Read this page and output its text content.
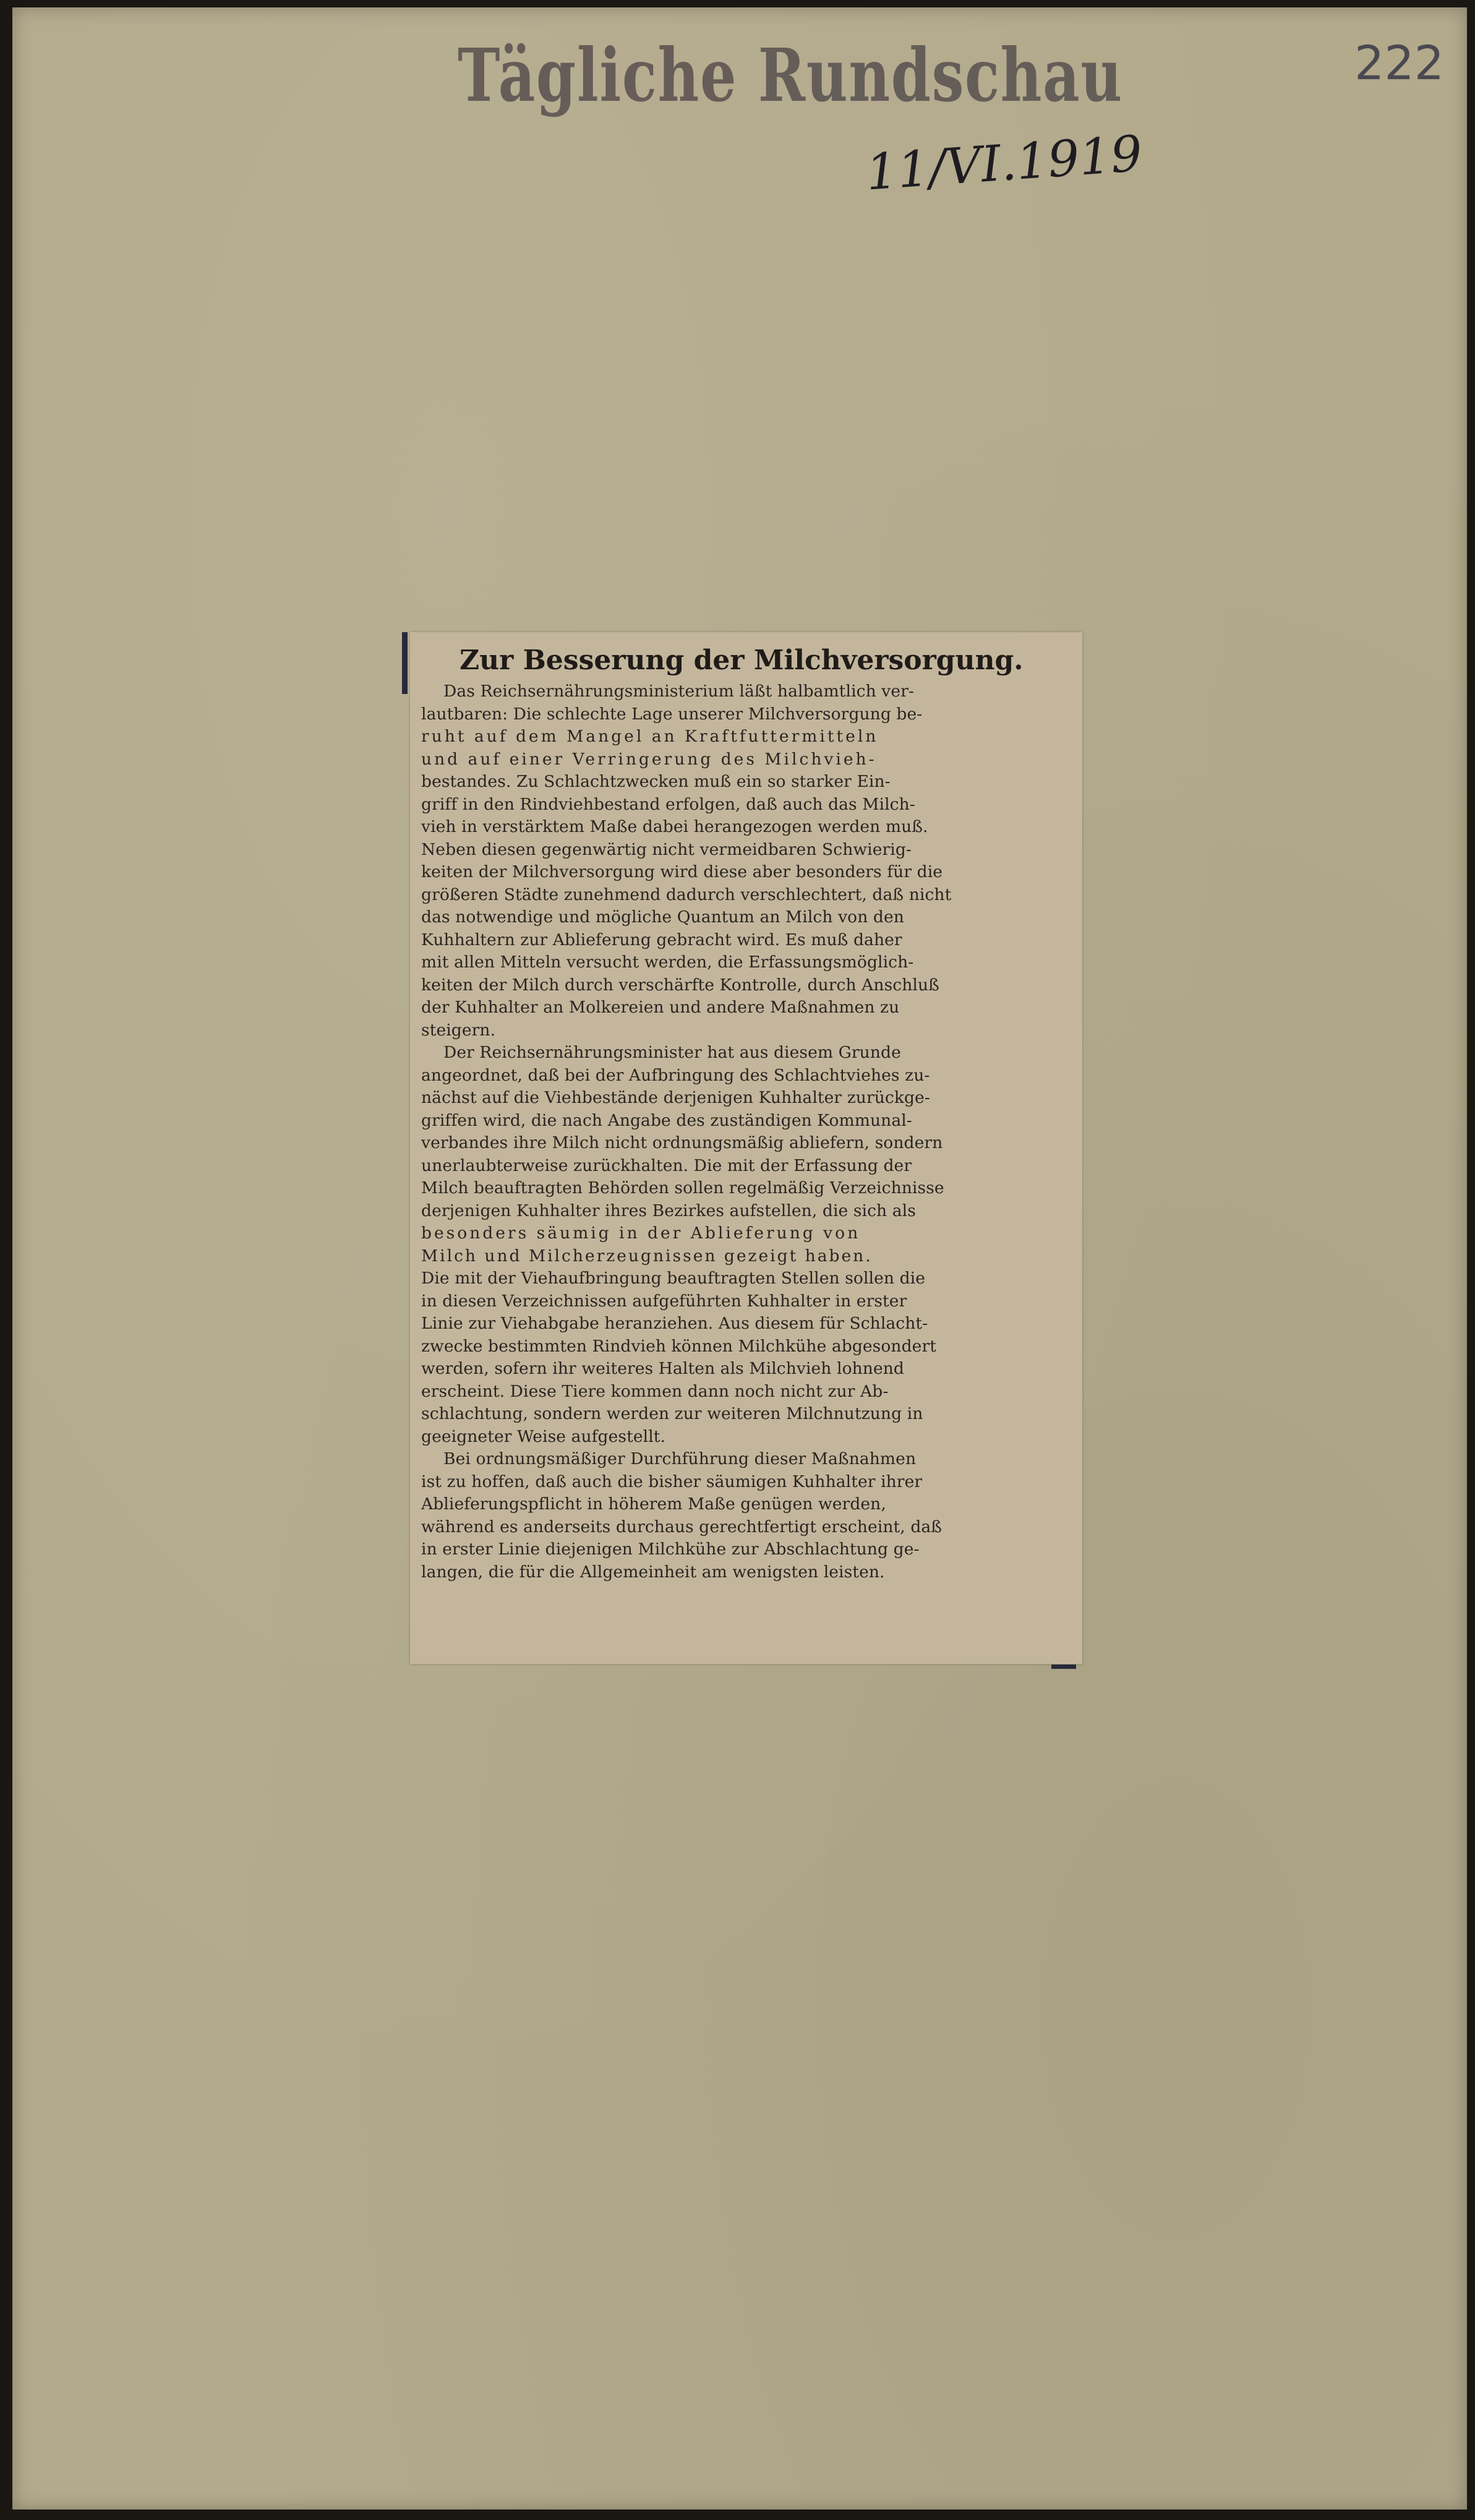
Tägliche Rundschau
11/VI.1919
222
Zur Besserung der Milchversorgung.
Das Reichsernährungsministerium läßt halbamtlich ver-
lautbaren: Die schlechte Lage unserer Milchversorgung be-
ruht auf dem Mangel an Kraftfuttermitteln
und auf einer Verringerung des Milchvieh-
bestandes. Zu Schlachtzwecken muß ein so starker Ein-
griff in den Rindviehbestand erfolgen, daß auch das Milch-
vieh in verstärktem Maße dabei herangezogen werden muß.
Neben diesen gegenwärtig nicht vermeidbaren Schwierig-
keiten der Milchversorgung wird diese aber besonders für die
größeren Städte zunehmend dadurch verschlechtert, daß nicht
das notwendige und mögliche Quantum an Milch von den
Kuhhaltern zur Ablieferung gebracht wird. Es muß daher
mit allen Mitteln versucht werden, die Erfassungsmöglich-
keiten der Milch durch verschärfte Kontrolle, durch Anschluß
der Kuhhalter an Molkereien und andere Maßnahmen zu
steigern.
Der Reichsernährungsminister hat aus diesem Grunde
angeordnet, daß bei der Aufbringung des Schlachtviehes zu-
nächst auf die Viehbestände derjenigen Kuhhalter zurückge-
griffen wird, die nach Angabe des zuständigen Kommunal-
verbandes ihre Milch nicht ordnungsmäßig abliefern, sondern
unerlaubterweise zurückhalten. Die mit der Erfassung der
Milch beauftragten Behörden sollen regelmäßig Verzeichnisse
derjenigen Kuhhalter ihres Bezirkes aufstellen, die sich als
besonders säumig in der Ablieferung von
Milch und Milcherzeugnissen gezeigt haben.
Die mit der Viehaufbringung beauftragten Stellen sollen die
in diesen Verzeichnissen aufgeführten Kuhhalter in erster
Linie zur Viehabgabe heranziehen. Aus diesem für Schlacht-
zwecke bestimmten Rindvieh können Milchkühe abgesondert
werden, sofern ihr weiteres Halten als Milchvieh lohnend
erscheint. Diese Tiere kommen dann noch nicht zur Ab-
schlachtung, sondern werden zur weiteren Milchnutzung in
geeigneter Weise aufgestellt.
Bei ordnungsmäßiger Durchführung dieser Maßnahmen
ist zu hoffen, daß auch die bisher säumigen Kuhhalter ihrer
Ablieferungspflicht in höherem Maße genügen werden,
während es anderseits durchaus gerechtfertigt erscheint, daß
in erster Linie diejenigen Milchkühe zur Abschlachtung ge-
langen, die für die Allgemeinheit am wenigsten leisten.
